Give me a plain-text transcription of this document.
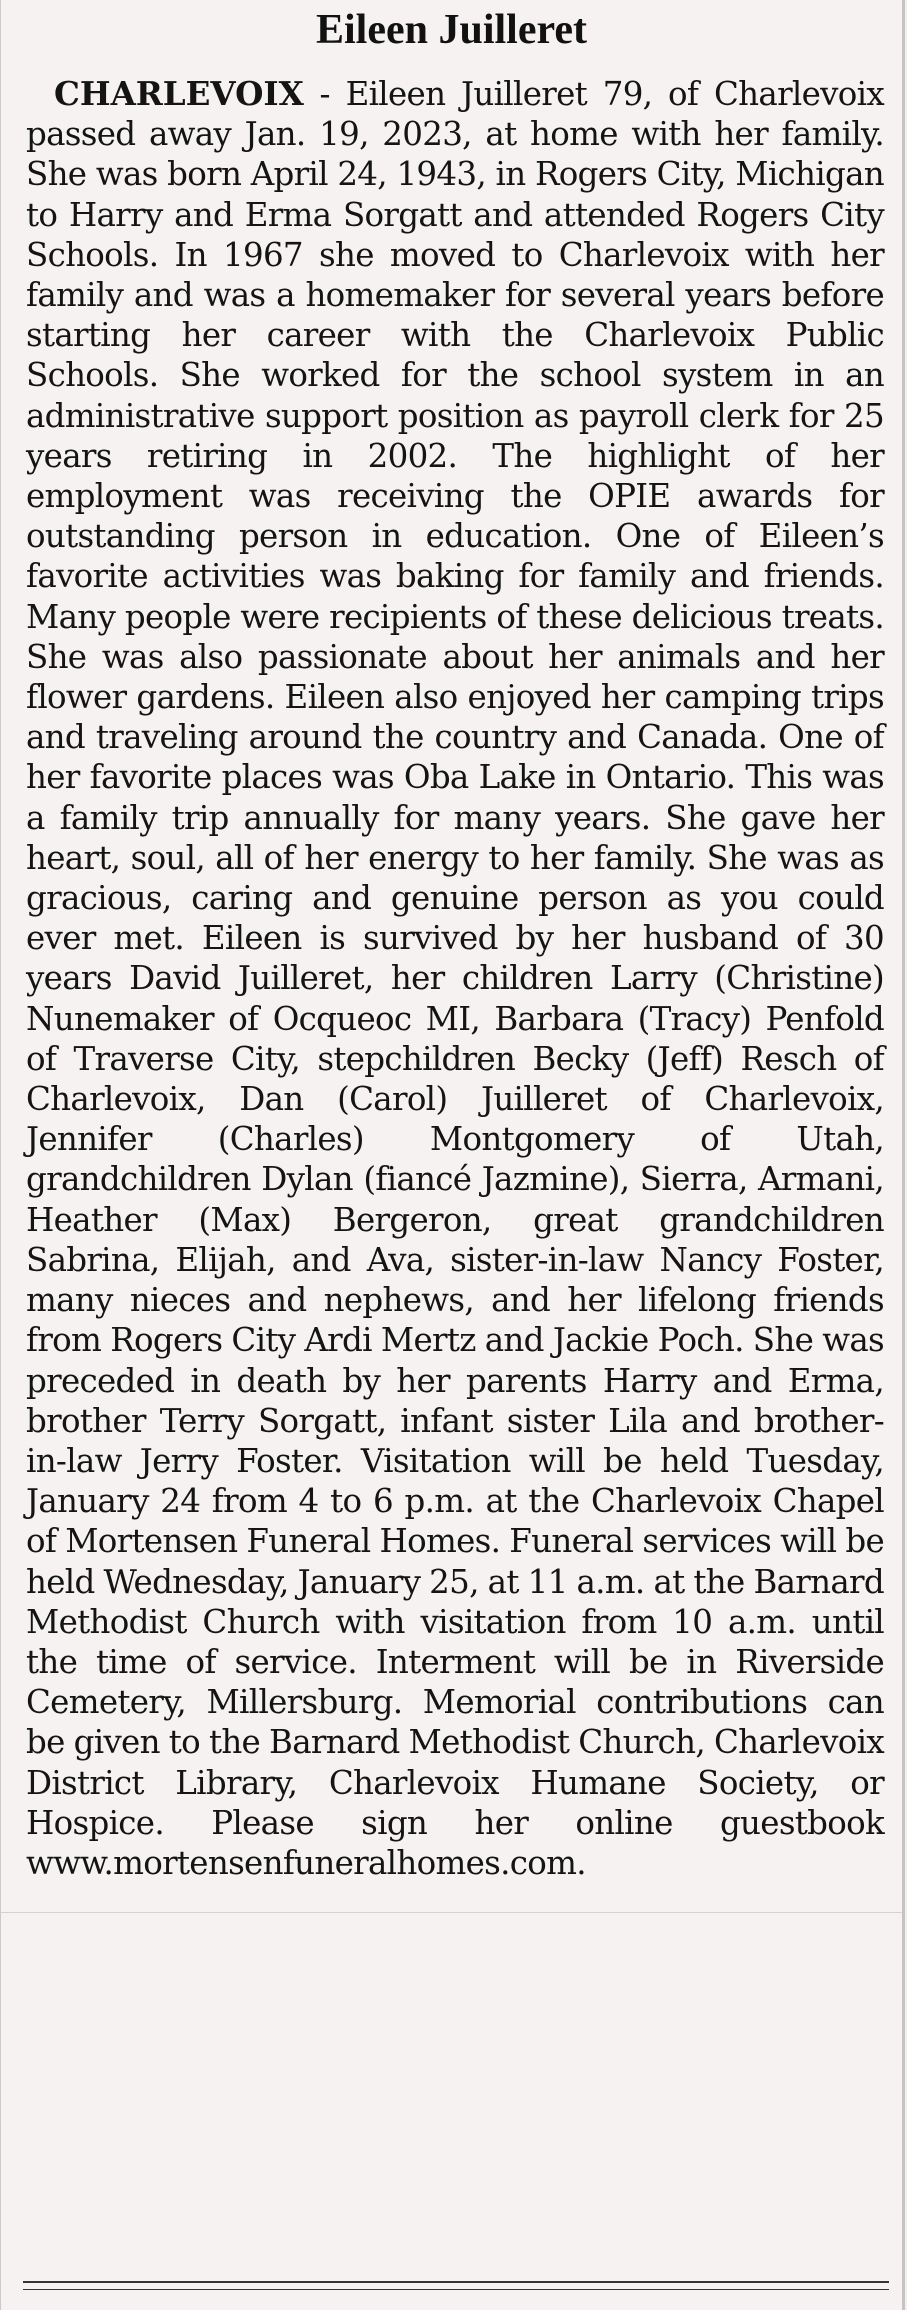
Eileen Juilleret

CHARLEVOIX - Eileen Juilleret 79, of Charlevoix passed away Jan. 19, 2023, at home with her family. She was born April 24, 1943, in Rogers City, Michigan to Harry and Erma Sorgatt and attended Rogers City Schools. In 1967 she moved to Charlevoix with her family and was a homemaker for several years before starting her career with the Charlevoix Public Schools. She worked for the school system in an administrative support position as payroll clerk for 25 years retiring in 2002. The highlight of her employment was receiving the OPIE awards for outstanding person in education. One of Eileen’s favorite activities was baking for family and friends. Many people were recipients of these delicious treats. She was also passionate about her animals and her flower gardens. Eileen also enjoyed her camping trips and traveling around the country and Canada. One of her favorite places was Oba Lake in Ontario. This was a family trip annually for many years. She gave her heart, soul, all of her energy to her family. She was as gracious, caring and genuine person as you could ever met. Eileen is survived by her husband of 30 years David Juilleret, her children Larry (Christine) Nunemaker of Ocqueoc MI, Barbara (Tracy) Penfold of Traverse City, stepchildren Becky (Jeff) Resch of Charlevoix, Dan (Carol) Juilleret of Charlevoix, Jennifer (Charles) Montgomery of Utah, grandchildren Dylan (fiancé Jazmine), Sierra, Armani, Heather (Max) Bergeron, great grandchildren Sabrina, Elijah, and Ava, sister-in-law Nancy Foster, many nieces and nephews, and her lifelong friends from Rogers City Ardi Mertz and Jackie Poch. She was preceded in death by her parents Harry and Erma, brother Terry Sorgatt, infant sister Lila and brother-in-law Jerry Foster. Visitation will be held Tuesday, January 24 from 4 to 6 p.m. at the Charlevoix Chapel of Mortensen Funeral Homes. Funeral services will be held Wednesday, January 25, at 11 a.m. at the Barnard Methodist Church with visitation from 10 a.m. until the time of service. Interment will be in Riverside Cemetery, Millersburg. Memorial contributions can be given to the Barnard Methodist Church, Charlevoix District Library, Charlevoix Humane Society, or Hospice. Please sign her online guestbook www.mortensenfuneralhomes.com.
